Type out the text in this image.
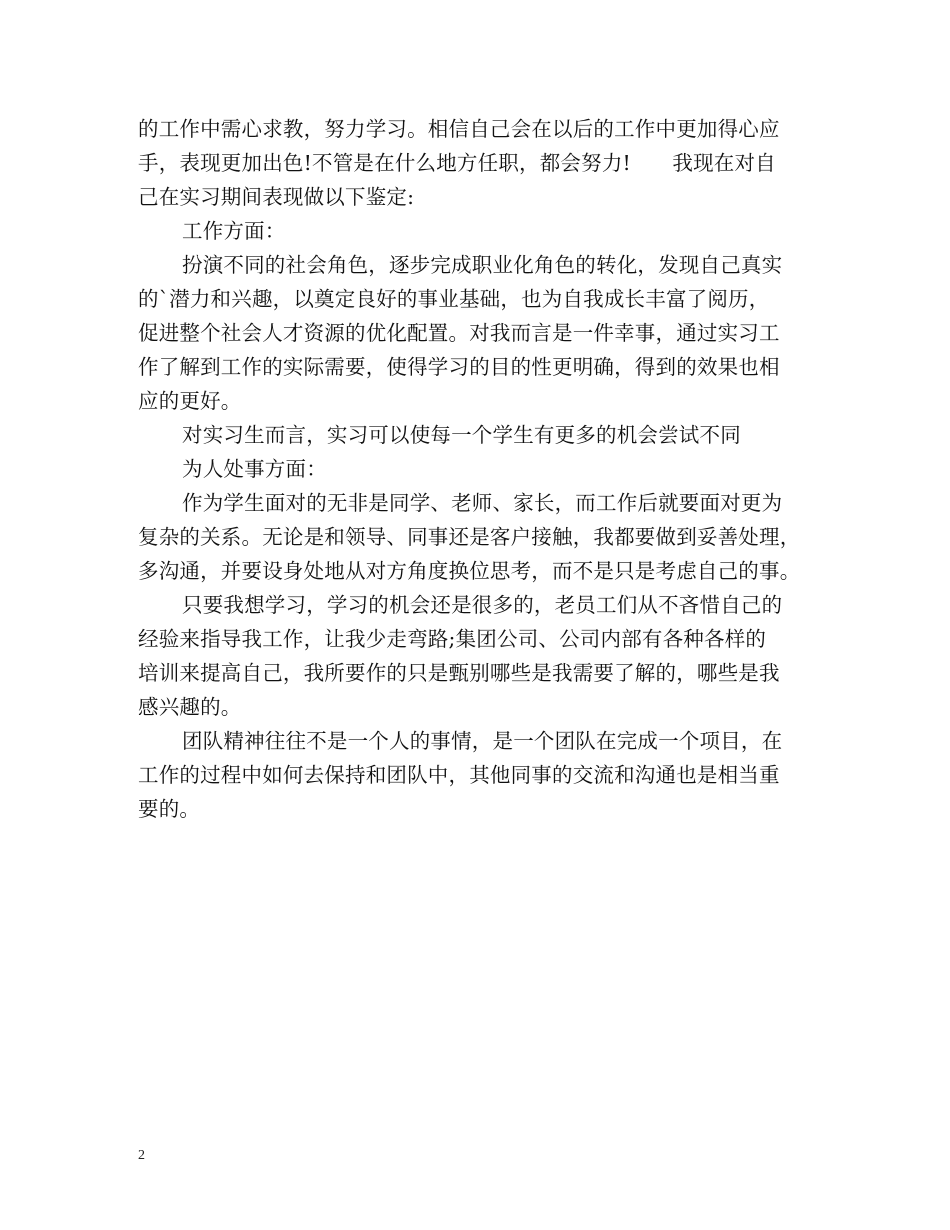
的工作中需心求教，努力学习。相信自己会在以后的工作中更加得心应
手，表现更加出色!不管是在什么地方任职，都会努力!　　我现在对自
己在实习期间表现做以下鉴定:
工作方面：
扮演不同的社会角色，逐步完成职业化角色的转化，发现自己真实
的`潜力和兴趣，以奠定良好的事业基础，也为自我成长丰富了阅历，
促进整个社会人才资源的优化配置。对我而言是一件幸事，通过实习工
作了解到工作的实际需要，使得学习的目的性更明确，得到的效果也相
应的更好。
对实习生而言，实习可以使每一个学生有更多的机会尝试不同
为人处事方面：
作为学生面对的无非是同学、老师、家长，而工作后就要面对更为
复杂的关系。无论是和领导、同事还是客户接触，我都要做到妥善处理，
多沟通，并要设身处地从对方角度换位思考，而不是只是考虑自己的事。
只要我想学习，学习的机会还是很多的，老员工们从不吝惜自己的
经验来指导我工作，让我少走弯路;集团公司、公司内部有各种各样的
培训来提高自己，我所要作的只是甄别哪些是我需要了解的，哪些是我
感兴趣的。
团队精神往往不是一个人的事情，是一个团队在完成一个项目，在
工作的过程中如何去保持和团队中，其他同事的交流和沟通也是相当重
要的。
2
